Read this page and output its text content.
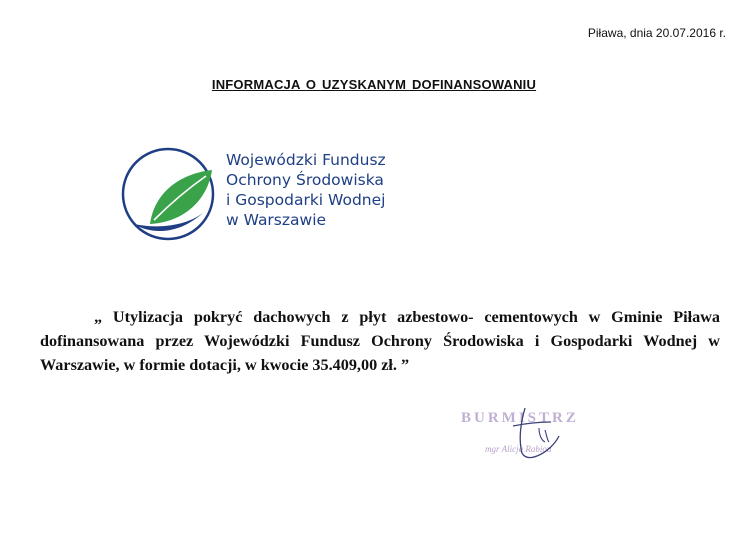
Piława, dnia 20.07.2016 r.
INFORMACJA O UZYSKANYM DOFINANSOWANIU
Wojewódzki Fundusz
Ochrony Środowiska
i Gospodarki Wodnej
w Warszawie
„ Utylizacja pokryć dachowych z płyt azbestowo- cementowych w Gminie Piława dofinansowana przez Wojewódzki Fundusz Ochrony Środowiska i Gospodarki Wodnej w Warszawie, w formie dotacji, w kwocie 35.409,00 zł. ”
BURMISTRZ
mgr Alicja Rabiou
